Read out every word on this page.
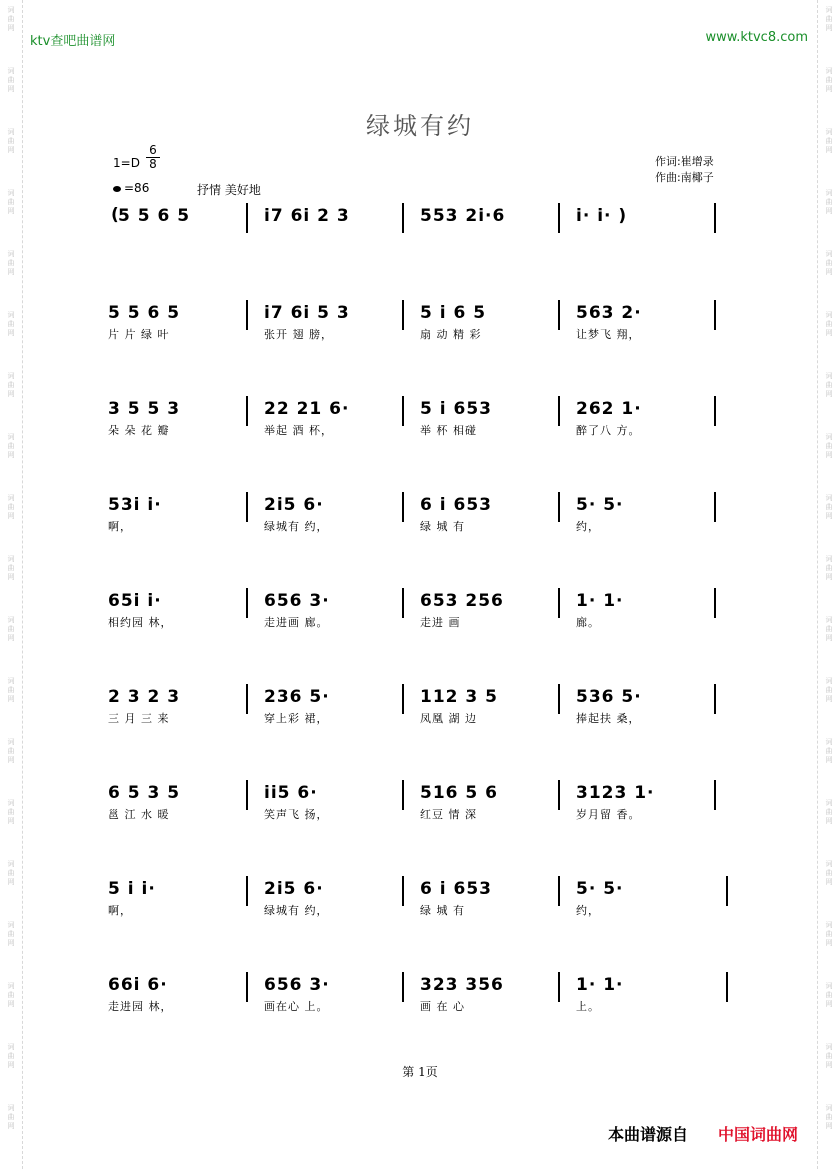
词
曲
网
词
曲
网
词
曲
网
词
曲
网
词
曲
网
词
曲
网
词
曲
网
词
曲
网
词
曲
网
词
曲
网
词
曲
网
词
曲
网
词
曲
网
词
曲
网
词
曲
网
词
曲
网
词
曲
网
词
曲
网
词
曲
网
词
曲
网
词
曲
网
词
曲
网
词
曲
网
词
曲
网
词
曲
网
词
曲
网
词
曲
网
词
曲
网
词
曲
网
词
曲
网
词
曲
网
词
曲
网
词
曲
网
词
曲
网
词
曲
网
词
曲
网
词
曲
网
词
曲
网
ktv查吧曲谱网	www.ktvc8.com
绿城有约
$1=D \frac{6}{8}$
=86	抒情 美好地
作词:崔增录
作曲:南椰子
( 5 5 6 5	i7 6i 2 3	553 2i·6	i· i· )
5 5 6 5
片 片 绿 叶
i7 6i 5 3
张开 翅 膀，
5 i 6 5
扇 动 精 彩
563 2·
让梦飞 翔，
3 5 5 3
朵 朵 花 瓣
22 21 6·
举起 酒 杯，
5 i 653
举 杯 相碰
262 1·
醉了八 方。
53i i·
啊，
2i5 6·
绿城有 约，
6 i 653
绿 城 有
5· 5·
约，
65i i·
相约园 林，
656 3·
走进画 廊。
653 256
走进 画
1· 1·
廊。
2 3 2 3
三 月 三 来
236 5·
穿上彩 裙，
112 3 5
凤凰 湖 边
536 5·
捧起扶 桑，
6 5 3 5
邕 江 水 暖
ii5 6·
笑声飞 扬，
516 5 6
红豆 情 深
3123 1·
岁月留 香。
5 i i·
啊，
2i5 6·
绿城有 约，
6 i 653
绿 城 有
5· 5·
约，
66i 6·
走进园 林，
656 3·
画在心 上。
323 356
画 在 心
1· 1·
上。
第 1页
本曲谱源自 中国词曲网
